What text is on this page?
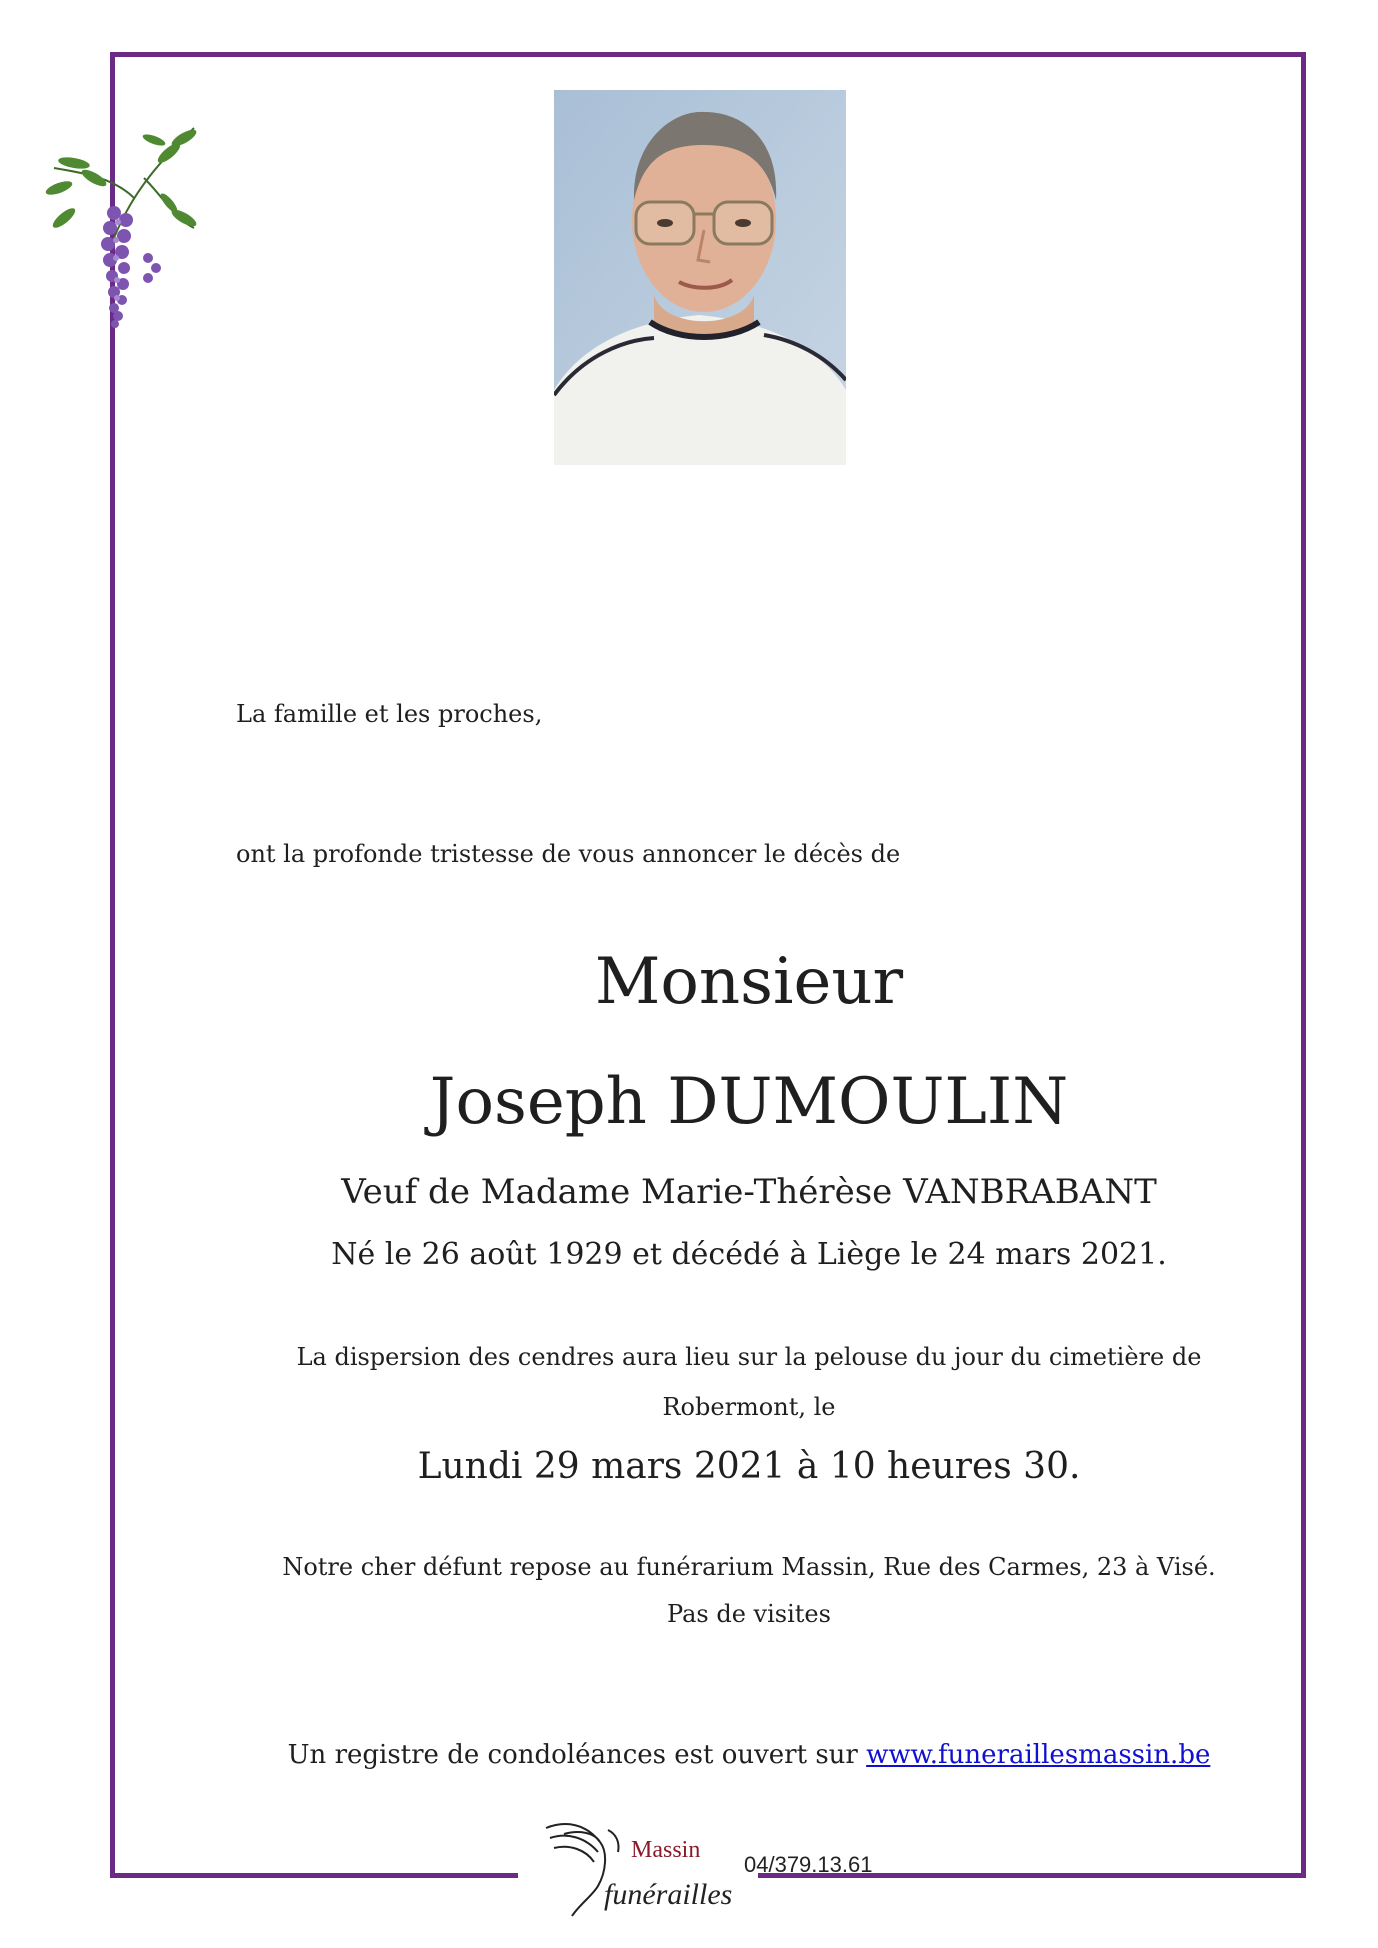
La famille et les proches,
ont la profonde tristesse de vous annoncer le décès de
Monsieur
Joseph DUMOULIN
Veuf de Madame Marie-Thérèse VANBRABANT
Né le 26 août 1929 et décédé à Liège le 24 mars 2021.
La dispersion des cendres aura lieu sur la pelouse du jour du cimetière de
Robermont, le
Lundi 29 mars 2021 à 10 heures 30.
Notre cher défunt repose au funérarium Massin, Rue des Carmes, 23 à Visé.
Pas de visites
Un registre de condoléances est ouvert sur www.funeraillesmassin.be
Massin
funérailles
04/379.13.61
